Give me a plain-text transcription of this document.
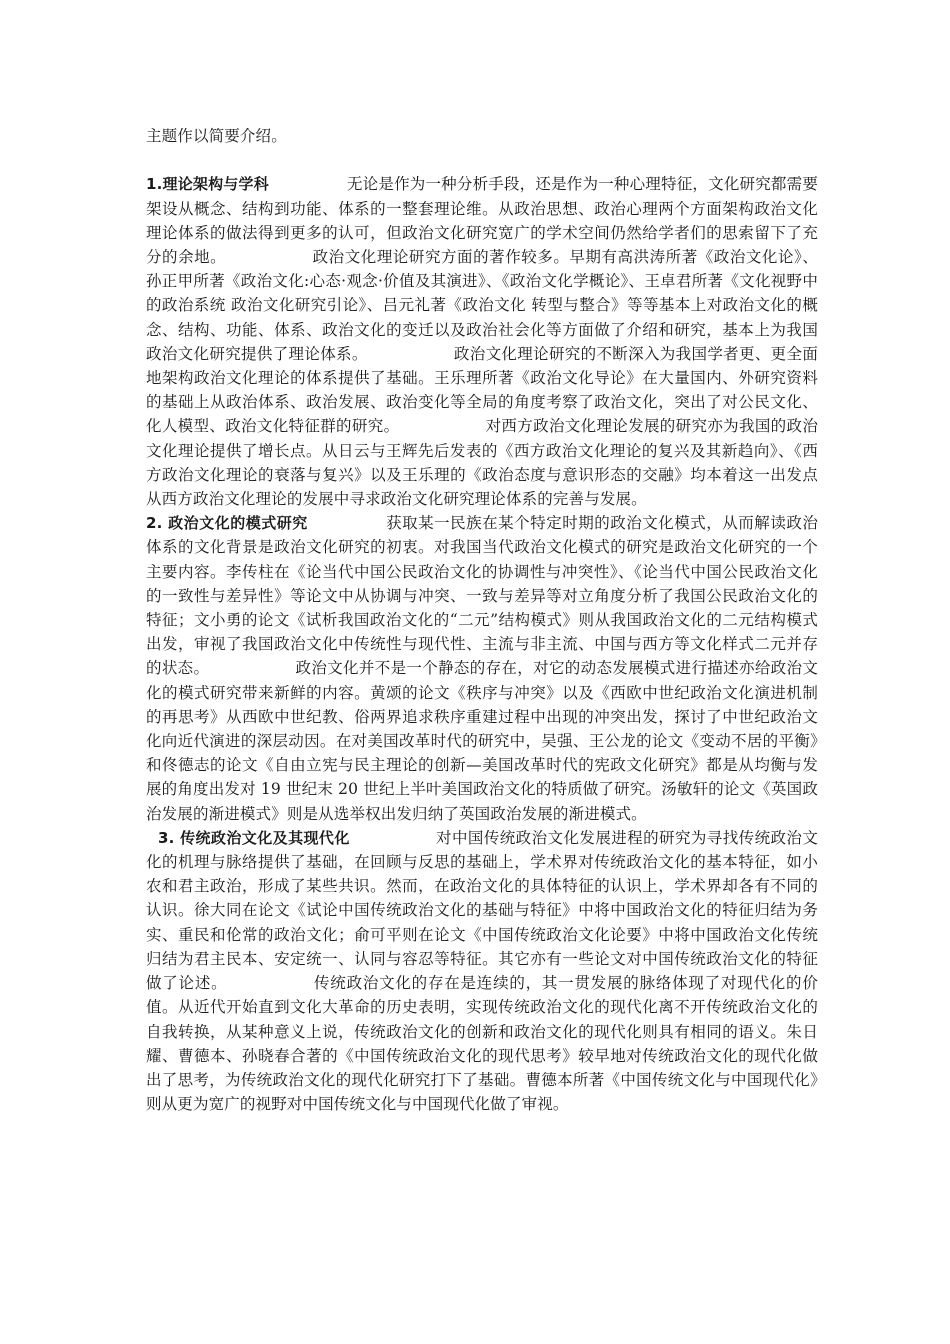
主题作以简要介绍。

1.理论架构与学科	无论是作为一种分析手段，还是作为一种心理特征，文化研究都需要架设从概念、结构到功能、体系的一整套理论维。从政治思想、政治心理两个方面架构政治文化理论体系的做法得到更多的认可，但政治文化研究宽广的学术空间仍然给学者们的思索留下了充分的余地。	政治文化理论研究方面的著作较多。早期有高洪涛所著《政治文化论》、孙正甲所著《政治文化:心态·观念·价值及其演进》、《政治文化学概论》、王卓君所著《文化视野中的政治系统 政治文化研究引论》、吕元礼著《政治文化 转型与整合》等等基本上对政治文化的概念、结构、功能、体系、政治文化的变迁以及政治社会化等方面做了介绍和研究，基本上为我国政治文化研究提供了理论体系。	政治文化理论研究的不断深入为我国学者更、更全面地架构政治文化理论的体系提供了基础。王乐理所著《政治文化导论》在大量国内、外研究资料的基础上从政治体系、政治发展、政治变化等全局的角度考察了政治文化，突出了对公民文化、化人模型、政治文化特征群的研究。	对西方政治文化理论发展的研究亦为我国的政治文化理论提供了增长点。从日云与王辉先后发表的《西方政治文化理论的复兴及其新趋向》、《西方政治文化理论的衰落与复兴》以及王乐理的《政治态度与意识形态的交融》均本着这一出发点从西方政治文化理论的发展中寻求政治文化研究理论体系的完善与发展。

2. 政治文化的模式研究	获取某一民族在某个特定时期的政治文化模式，从而解读政治体系的文化背景是政治文化研究的初衷。对我国当代政治文化模式的研究是政治文化研究的一个主要内容。李传柱在《论当代中国公民政治文化的协调性与冲突性》、《论当代中国公民政治文化的一致性与差异性》等论文中从协调与冲突、一致与差异等对立角度分析了我国公民政治文化的特征；文小勇的论文《试析我国政治文化的“二元”结构模式》则从我国政治文化的二元结构模式出发，审视了我国政治文化中传统性与现代性、主流与非主流、中国与西方等文化样式二元并存的状态。	政治文化并不是一个静态的存在，对它的动态发展模式进行描述亦给政治文化的模式研究带来新鲜的内容。黄颂的论文《秩序与冲突》以及《西欧中世纪政治文化演进机制的再思考》从西欧中世纪教、俗两界追求秩序重建过程中出现的冲突出发，探讨了中世纪政治文化向近代演进的深层动因。在对美国改革时代的研究中，吴强、王公龙的论文《变动不居的平衡》和佟德志的论文《自由立宪与民主理论的创新—美国改革时代的宪政文化研究》都是从均衡与发展的角度出发对 19 世纪末 20 世纪上半叶美国政治文化的特质做了研究。汤敏轩的论文《英国政治发展的渐进模式》则是从选举权出发归纳了英国政治发展的渐进模式。

3. 传统政治文化及其现代化	对中国传统政治文化发展进程的研究为寻找传统政治文化的机理与脉络提供了基础，在回顾与反思的基础上，学术界对传统政治文化的基本特征，如小农和君主政治，形成了某些共识。然而，在政治文化的具体特征的认识上，学术界却各有不同的认识。徐大同在论文《试论中国传统政治文化的基础与特征》中将中国政治文化的特征归结为务实、重民和伦常的政治文化；俞可平则在论文《中国传统政治文化论要》中将中国政治文化传统归结为君主民本、安定统一、认同与容忍等特征。其它亦有一些论文对中国传统政治文化的特征做了论述。	传统政治文化的存在是连续的，其一贯发展的脉络体现了对现代化的价值。从近代开始直到文化大革命的历史表明，实现传统政治文化的现代化离不开传统政治文化的自我转换，从某种意义上说，传统政治文化的创新和政治文化的现代化则具有相同的语义。朱日耀、曹德本、孙晓春合著的《中国传统政治文化的现代思考》较早地对传统政治文化的现代化做出了思考，为传统政治文化的现代化研究打下了基础。曹德本所著《中国传统文化与中国现代化》则从更为宽广的视野对中国传统文化与中国现代化做了审视。
